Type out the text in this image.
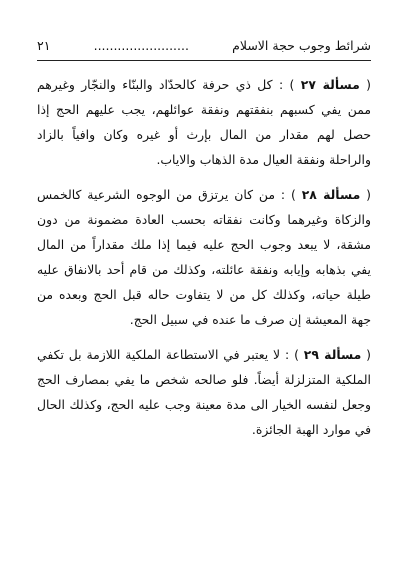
٢١	........................	شرائط وجوب حجة الاسلام

( مسألة ٢٧ ) : كل ذي حرفة كالحدّاد والبنّاء والنجّار وغيرهم ممن يفي كسبهم بنفقتهم ونفقة عوائلهم، يجب عليهم الحج إذا حصل لهم مقدار من المال بإرث أو غيره وكان وافياً بالزاد والراحلة ونفقة العيال مدة الذهاب والاياب.

( مسألة ٢٨ ) : من كان يرتزق من الوجوه الشرعية كالخمس والزكاة وغيرهما وكانت نفقاته بحسب العادة مضمونة من دون مشقة، لا يبعد وجوب الحج عليه فيما إذا ملك مقداراً من المال يفي بذهابه وإيابه ونفقة عائلته، وكذلك من قام أحد بالانفاق عليه طيلة حياته، وكذلك كل من لا يتفاوت حاله قبل الحج وبعده من جهة المعيشة إن صرف ما عنده في سبيل الحج.

( مسألة ٢٩ ) : لا يعتبر في الاستطاعة الملكية اللازمة بل تكفي الملكية المتزلزلة أيضاً. فلو صالحه شخص ما يفي بمصارف الحج وجعل لنفسه الخيار الى مدة معينة وجب عليه الحج، وكذلك الحال في موارد الهبة الجائزة.
